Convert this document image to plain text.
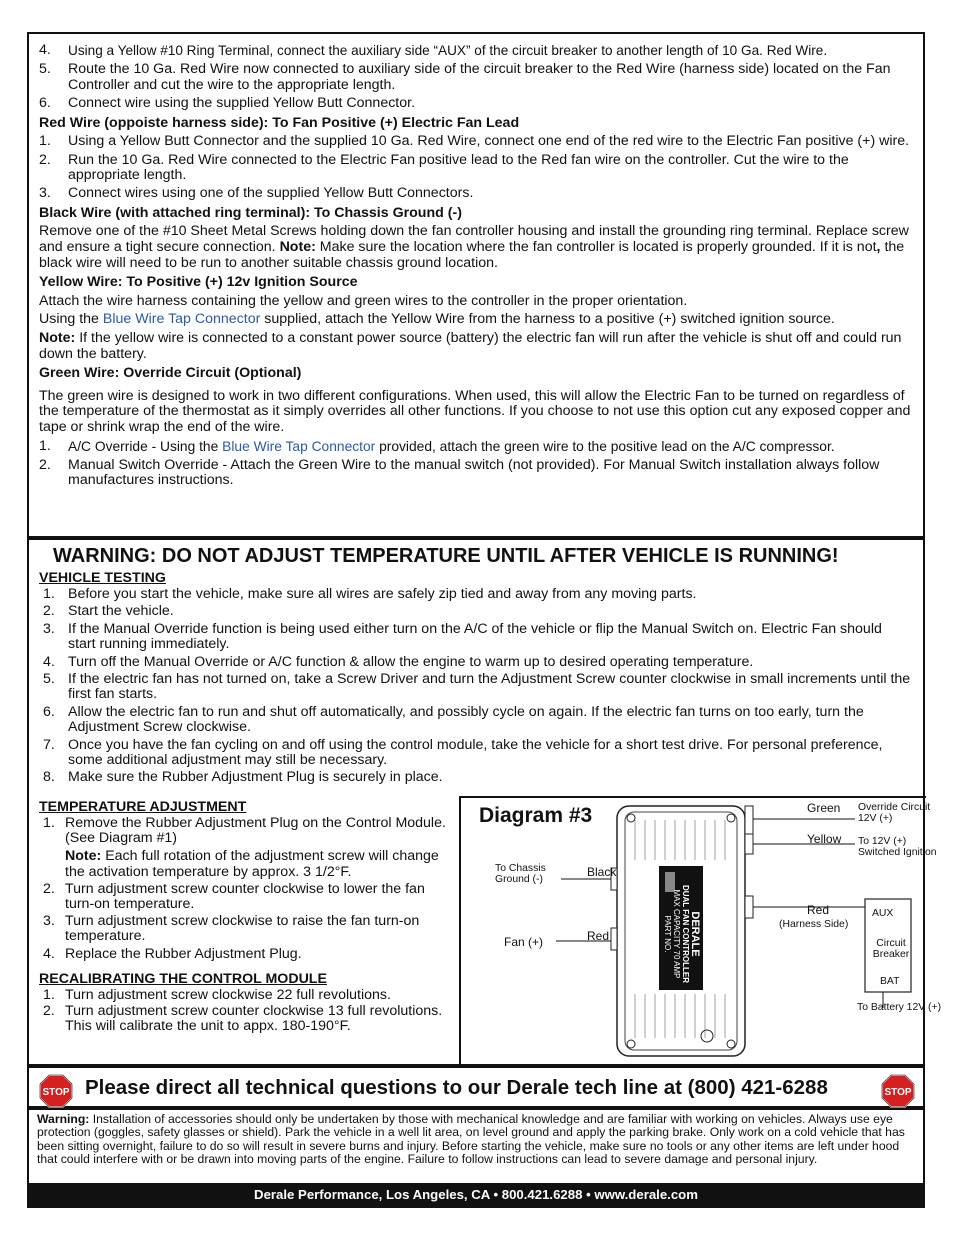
4. Using a Yellow #10 Ring Terminal, connect the auxiliary side “AUX” of the circuit breaker to another length of 10 Ga. Red Wire.
5. Route the 10 Ga. Red Wire now connected to auxiliary side of the circuit breaker to the Red Wire (harness side) located on the Fan Controller and cut the wire to the appropriate length.
6. Connect wire using the supplied Yellow Butt Connector.

Red Wire (oppoiste harness side): To Fan Positive (+) Electric Fan Lead

1. Using a Yellow Butt Connector and the supplied 10 Ga. Red Wire, connect one end of the red wire to the Electric Fan positive (+) wire.
2. Run the 10 Ga. Red Wire connected to the Electric Fan positive lead to the Red fan wire on the controller. Cut the wire to the appropriate length.
3. Connect wires using one of the supplied Yellow Butt Connectors.

Black Wire (with attached ring terminal): To Chassis Ground (-)

Remove one of the #10 Sheet Metal Screws holding down the fan controller housing and install the grounding ring terminal. Replace screw and ensure a tight secure connection. Note: Make sure the location where the fan controller is located is properly grounded. If it is not, the black wire will need to be run to another suitable chassis ground location.

Yellow Wire: To Positive (+) 12v Ignition Source

Attach the wire harness containing the yellow and green wires to the controller in the proper orientation.

Using the Blue Wire Tap Connector supplied, attach the Yellow Wire from the harness to a positive (+) switched ignition source.

Note: If the yellow wire is connected to a constant power source (battery) the electric fan will run after the vehicle is shut off and could run down the battery.

Green Wire: Override Circuit (Optional)

The green wire is designed to work in two different configurations. When used, this will allow the Electric Fan to be turned on regardless of the temperature of the thermostat as it simply overrides all other functions. If you choose to not use this option cut any exposed copper and tape or shrink wrap the end of the wire.

1. A/C Override - Using the Blue Wire Tap Connector provided, attach the green wire to the positive lead on the A/C compressor.
2. Manual Switch Override - Attach the Green Wire to the manual switch (not provided). For Manual Switch installation always follow manufactures instructions.
WARNING: DO NOT ADJUST TEMPERATURE UNTIL AFTER VEHICLE IS RUNNING!
VEHICLE TESTING
1. Before you start the vehicle, make sure all wires are safely zip tied and away from any moving parts.
2. Start the vehicle.
3. If the Manual Override function is being used either turn on the A/C of the vehicle or flip the Manual Switch on. Electric Fan should start running immediately.
4. Turn off the Manual Override or A/C function & allow the engine to warm up to desired operating temperature.
5. If the electric fan has not turned on, take a Screw Driver and turn the Adjustment Screw counter clockwise in small increments until the first fan starts.
6. Allow the electric fan to run and shut off automatically, and possibly cycle on again. If the electric fan turns on too early, turn the Adjustment Screw clockwise.
7. Once you have the fan cycling on and off using the control module, take the vehicle for a short test drive. For personal preference, some additional adjustment may still be necessary.
8. Make sure the Rubber Adjustment Plug is securely in place.
TEMPERATURE ADJUSTMENT
1. Remove the Rubber Adjustment Plug on the Control Module. (See Diagram #1)
Note: Each full rotation of the adjustment screw will change the activation temperature by approx. 3 1/2°F.
2. Turn adjustment screw counter clockwise to lower the fan turn-on temperature.
3. Turn adjustment screw clockwise to raise the fan turn-on temperature.
4. Replace the Rubber Adjustment Plug.
RECALIBRATING THE CONTROL MODULE
1. Turn adjustment screw clockwise 22 full revolutions.
2. Turn adjustment screw counter clockwise 13 full revolutions. This will calibrate the unit to appx. 180-190°F.
Diagram #3	Green Override Circuit
12V (+)
Yellow To 12V (+)
Switched Ignition
To Chassis
Ground (-)
Black
Red
(Harness Side)
AUX
Circuit
Breaker
BAT
Fan (+)	Red
To Battery 12V (+)
DERALE
DUAL FAN CONTROLLER
MAX CAPACITY 70 AMP
PART NO.
STOP Please direct all technical questions to our Derale tech line at (800) 421-6288	STOP
Warning: Installation of accessories should only be undertaken by those with mechanical knowledge and are familiar with working on vehicles. Always use eye protection (goggles, safety glasses or shield). Park the vehicle in a well lit area, on level ground and apply the parking brake. Only work on a cold vehicle that has been sitting overnight, failure to do so will result in severe burns and injury. Before starting the vehicle, make sure no tools or any other items are left under hood that could interfere with or be drawn into moving parts of the engine. Failure to follow instructions can lead to severe damage and personal injury.
Derale Performance, Los Angeles, CA • 800.421.6288 • www.derale.com
